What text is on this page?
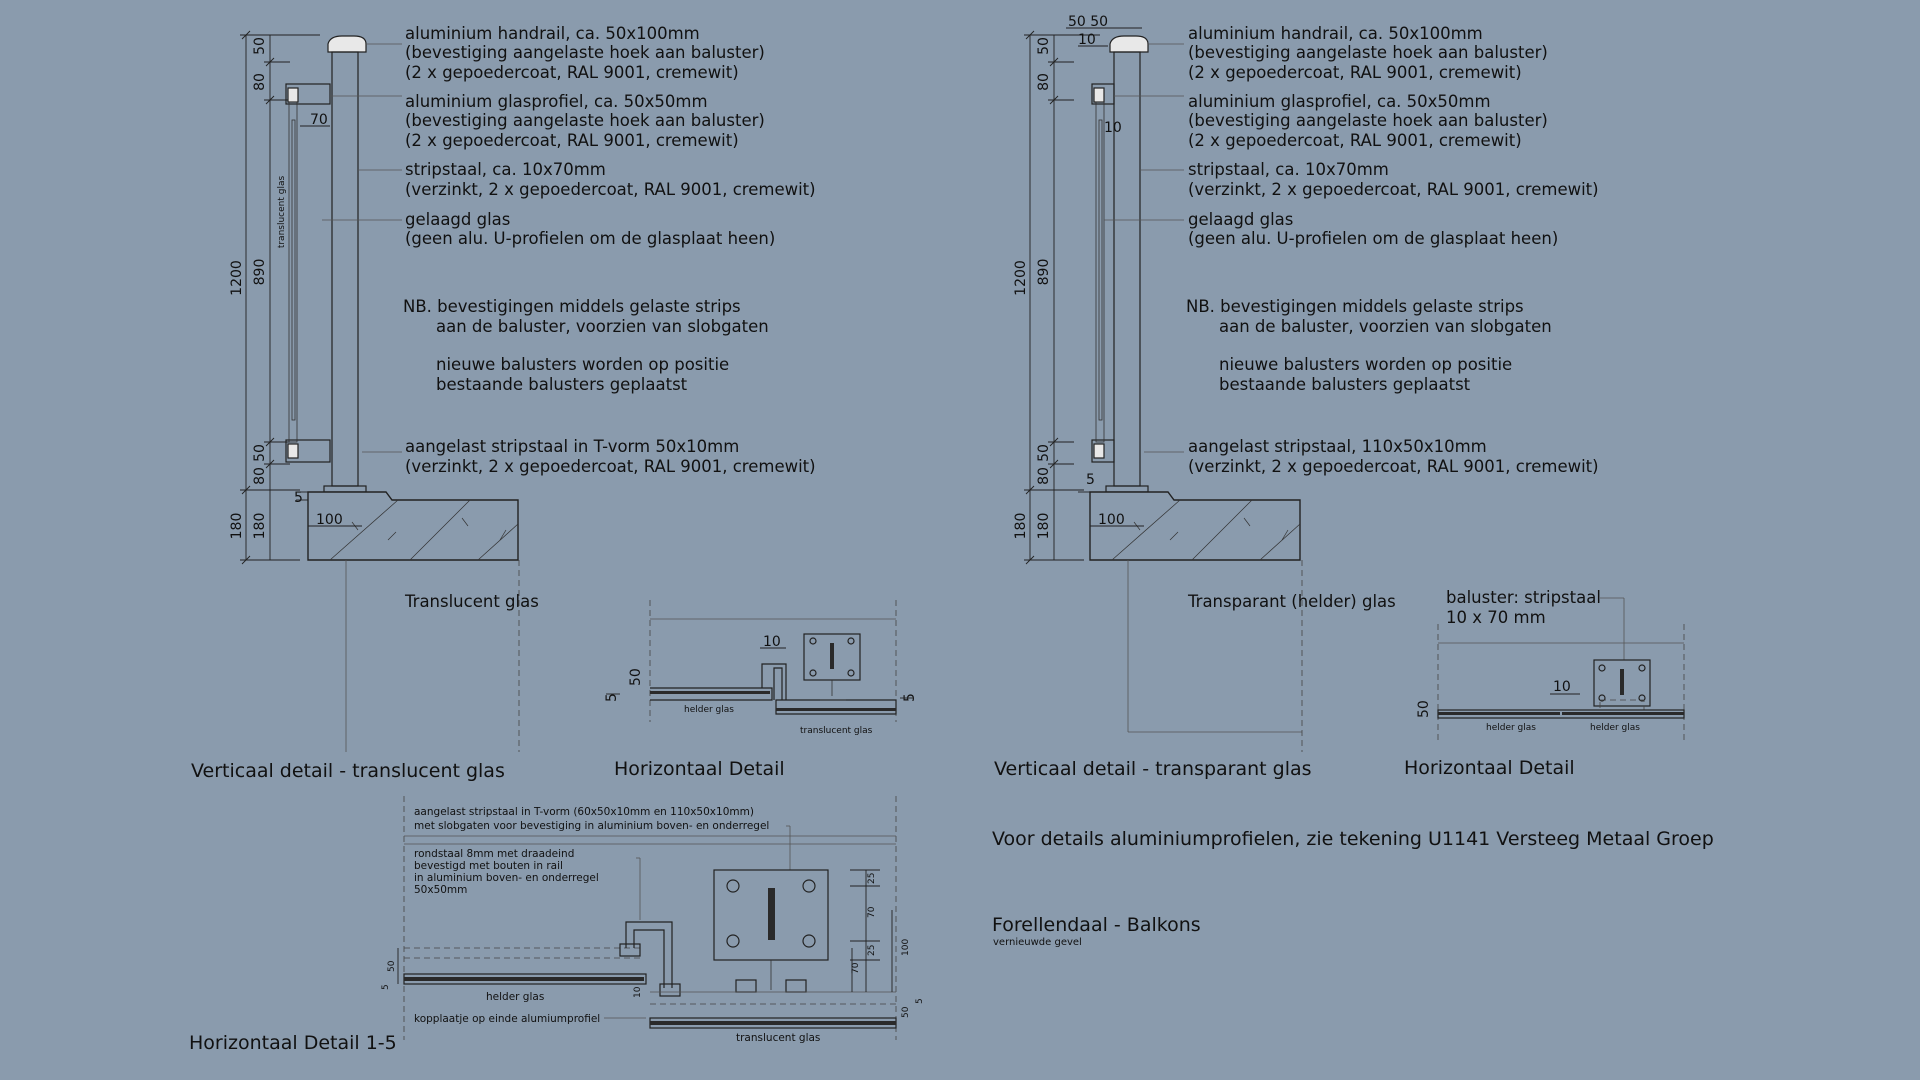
1200 890
180 180
50
80
50
80
translucent glas
70
100
5
aluminium handrail, ca. 50x100mm
(bevestiging aangelaste hoek aan baluster)
(2 x gepoedercoat, RAL 9001, cremewit)
aluminium glasprofiel, ca. 50x50mm
(bevestiging aangelaste hoek aan baluster)
(2 x gepoedercoat, RAL 9001, cremewit)
stripstaal, ca. 10x70mm
(verzinkt, 2 x gepoedercoat, RAL 9001, cremewit)
gelaagd glas
(geen alu. U-profielen om de glasplaat heen)
NB. bevestigingen middels gelaste strips
aan de baluster, voorzien van slobgaten
nieuwe balusters worden op positie
bestaande balusters geplaatst
aangelast stripstaal in T-vorm 50x10mm
(verzinkt, 2 x gepoedercoat, RAL 9001, cremewit)
Translucent glas
Verticaal detail - translucent glas
10
50
5	5
helder glas
translucent glas
Horizontaal Detail
1200 890
180 180
50
80
50
80
50 50
10
10
100
5
aluminium handrail, ca. 50x100mm
(bevestiging aangelaste hoek aan baluster)
(2 x gepoedercoat, RAL 9001, cremewit)
aluminium glasprofiel, ca. 50x50mm
(bevestiging aangelaste hoek aan baluster)
(2 x gepoedercoat, RAL 9001, cremewit)
stripstaal, ca. 10x70mm
(verzinkt, 2 x gepoedercoat, RAL 9001, cremewit)
gelaagd glas
(geen alu. U-profielen om de glasplaat heen)
NB. bevestigingen middels gelaste strips
aan de baluster, voorzien van slobgaten
nieuwe balusters worden op positie
bestaande balusters geplaatst
aangelast stripstaal, 110x50x10mm
(verzinkt, 2 x gepoedercoat, RAL 9001, cremewit)
Transparant (helder) glas
Verticaal detail - transparant glas
baluster: stripstaal
10 x 70 mm
10
50
helder glas	helder glas
Horizontaal Detail
aangelast stripstaal in T-vorm (60x50x10mm en 110x50x10mm)
met slobgaten voor bevestiging in aluminium boven- en onderregel
rondstaal 8mm met draadeind
bevestigd met bouten in rail
in aluminium boven- en onderregel
50x50mm
25
70
25	100
70
50
5	10
50
5
helder glas
kopplaatje op einde alumiumprofiel
translucent glas
Horizontaal Detail 1-5
Voor details aluminiumprofielen, zie tekening U1141 Versteeg Metaal Groep
Forellendaal - Balkons
vernieuwde gevel
